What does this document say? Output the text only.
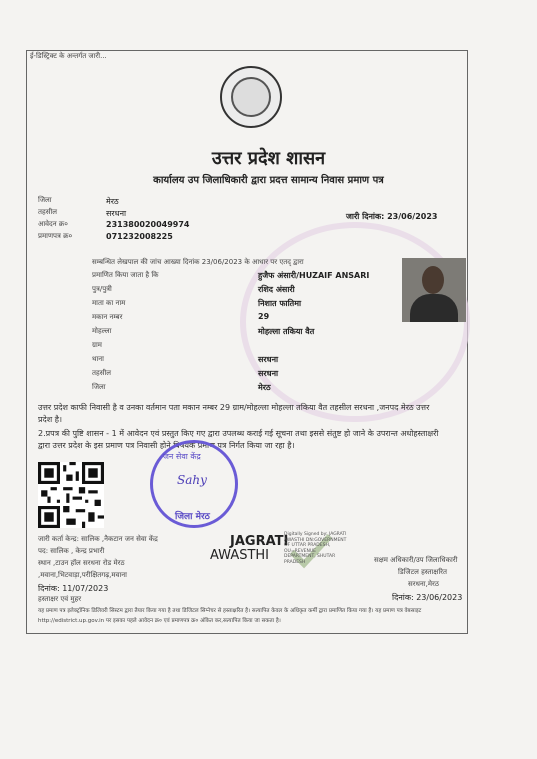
ई-डिस्ट्रिक्ट के अन्तर्गत जारी...
उत्तर प्रदेश शासन
कार्यालय उप जिलाधिकारी द्वारा प्रदत्त सामान्य निवास प्रमाण पत्र
जिला	मेरठ
तहसील	सरधना
आवेदन क्र०	231380020049974
प्रमाणपत्र क्र०	071232008225
जारी दिनांक: 23/06/2023
सम्बन्धित लेखपाल की जांच आख्या दिनांक 23/06/2023 के आधार पर एतद् द्वारा
प्रमाणित किया जाता है कि	हुजैफ अंसारी/HUZAIF ANSARI
पुत्र/पुत्री	रशिद अंसारी
माता का नाम	निशात फातिमा
मकान नम्बर	29
मोहल्ला	मोहल्ला तकिया वैत
ग्राम
थाना	सरधना
तहसील	सरधना
जिला	मेरठ
उत्तर प्रदेश काफी निवासी है व उनका वर्तमान पता मकान नम्बर 29 ग्राम/मोहल्ला मोहल्ला तकिया वैत तहसील सरधना ,जनपद मेरठ उत्तर प्रदेश है।
2.प्रपत्र की पुष्टि शासन - 1 में आवेदन एवं प्रस्तुत किए गए द्वारा उपलब्ध कराई गई सूचना तथा इससे संतुष्ट हो जाने के उपरान्त अधोहस्ताक्षरी द्वारा उत्तर प्रदेश के इस प्रमाण पत्र निवासी होने विषयक प्रमाण पत्र निर्गत किया जा रहा है।
जन सेवा केंद्र
Sahy
जिला मेरठ
जारी कर्ता केन्द्र: सालिक ,नैकटान जन सेवा केंद्र
पद: सालिक , केन्द्र प्रभारी
स्थान ,टाउन हॉल सरधना रोड मेरठ
,मवाना,भिटवाड़ा,परीक्षितगढ़,मवाना
दिनांक: 11/07/2023
हस्ताक्षर एवं मुहर
JAGRATI
AWASTHI
Digitally Signed by: JAGRATI
AWASTHI DN:GOVERNMENT
OF UTTAR PRADESH,
OU=REVENUE
DEPARTMENT, SHUTAR
PRADESH	सक्षम अधिकारी/उप जिलाधिकारी
डिजिटल हस्ताक्षरित
सरधना,मेरठ
दिनांक: 23/06/2023
यह प्रमाण पत्र इलेक्ट्रॉनिक डिलिवरी सिस्टम द्वारा तैयार किया गया है तथा डिजिटल सिग्नेचर से हस्ताक्षरित है। सत्यापित केवल के अधिकृत कर्मी द्वारा प्रमाणित किया गया है। यह प्रमाण पत्र वेबसाइट http://edistrict.up.gov.in पर इसका पहले आवेदन क्र० एवं प्रमाणपत्र क्र० अंकित कर,सत्यापित किया जा सकता है।
